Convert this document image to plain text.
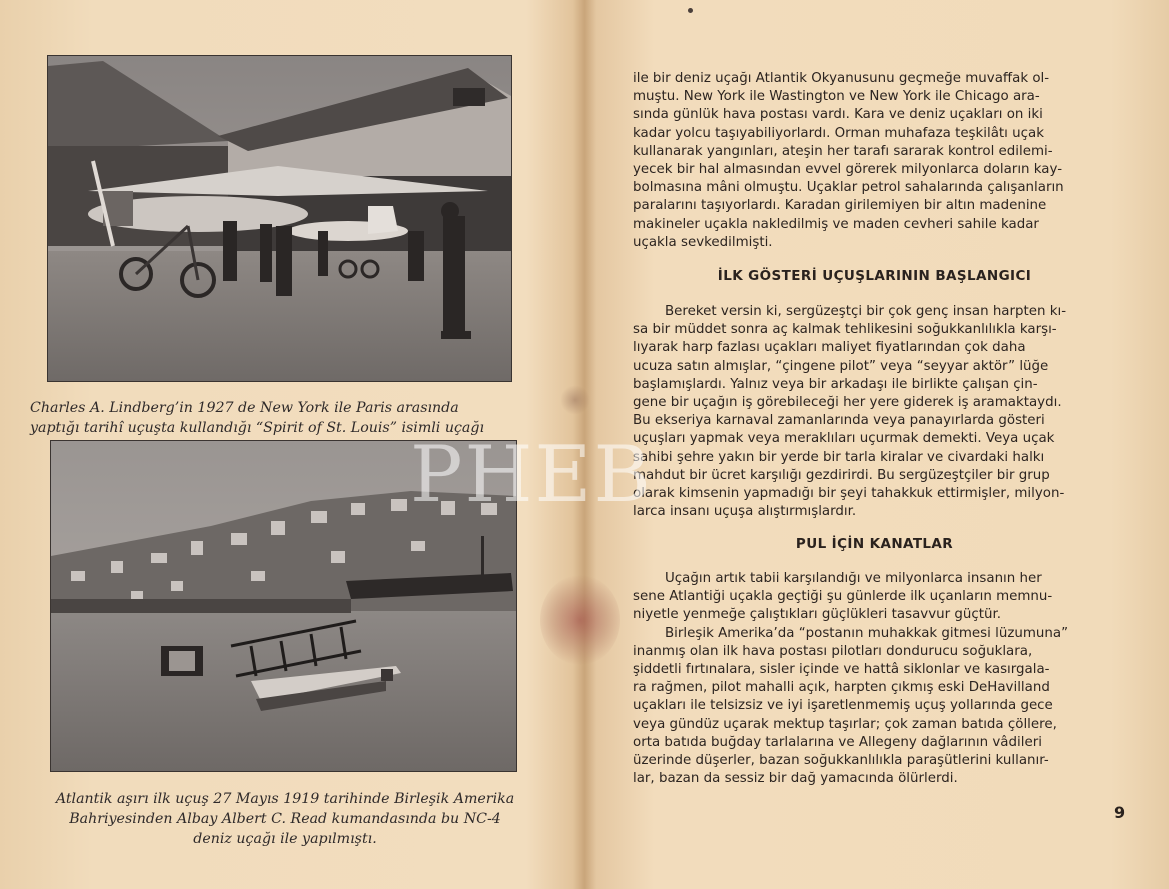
Charles A. Lindberg’in 1927 de New York ile Paris arasında
yaptığı tarihî uçuşta kullandığı “Spirit of St. Louis” isimli uçağı
Atlantik aşırı ilk uçuş 27 Mayıs 1919 tarihinde Birleşik Amerika
Bahriyesinden Albay Albert C. Read kumandasında bu NC-4
deniz uçağı ile yapılmıştı.
ile bir deniz uçağı Atlantik Okyanusunu geçmeğe muvaffak ol-
muştu. New York ile Wastington ve New York ile Chicago ara-
sında günlük hava postası vardı. Kara ve deniz uçakları on iki
kadar yolcu taşıyabiliyorlardı. Orman muhafaza teşkilâtı uçak
kullanarak yangınları, ateşin her tarafı sararak kontrol edilemi-
yecek bir hal almasından evvel görerek milyonlarca doların kay-
bolmasına mâni olmuştu. Uçaklar petrol sahalarında çalışanların
paralarını taşıyorlardı. Karadan girilemiyen bir altın madenine
makineler uçakla nakledilmiş ve maden cevheri sahile kadar
uçakla sevkedilmişti.
İLK GÖSTERİ UÇUŞLARININ BAŞLANGICI
Bereket versin ki, sergüzeştçi bir çok genç insan harpten kı-
sa bir müddet sonra aç kalmak tehlikesini soğukkanlılıkla karşı-
lıyarak harp fazlası uçakları maliyet fiyatlarından çok daha
ucuza satın almışlar, “çingene pilot” veya “seyyar aktör” lüğe
başlamışlardı. Yalnız veya bir arkadaşı ile birlikte çalışan çin-
gene bir uçağın iş görebileceği her yere giderek iş aramaktaydı.
Bu ekseriya karnaval zamanlarında veya panayırlarda gösteri
uçuşları yapmak veya meraklıları uçurmak demekti. Veya uçak
sahibi şehre yakın bir yerde bir tarla kiralar ve civardaki halkı
mahdut bir ücret karşılığı gezdirirdi. Bu sergüzeştçiler bir grup
olarak kimsenin yapmadığı bir şeyi tahakkuk ettirmişler, milyon-
larca insanı uçuşa alıştırmışlardır.
PUL İÇİN KANATLAR
Uçağın artık tabii karşılandığı ve milyonlarca insanın her
sene Atlantiği uçakla geçtiği şu günlerde ilk uçanların memnu-
niyetle yenmeğe çalıştıkları güçlükleri tasavvur güçtür.
Birleşik Amerika’da “postanın muhakkak gitmesi lüzumuna”
inanmış olan ilk hava postası pilotları dondurucu soğuklara,
şiddetli fırtınalara, sisler içinde ve hattâ siklonlar ve kasırgala-
ra rağmen, pilot mahalli açık, harpten çıkmış eski DeHavilland
uçakları ile telsizsiz ve iyi işaretlenmemiş uçuş yollarında gece
veya gündüz uçarak mektup taşırlar; çok zaman batıda çöllere,
orta batıda buğday tarlalarına ve Allegeny dağlarının vâdileri
üzerinde düşerler, bazan soğukkanlılıkla paraşütlerini kullanır-
lar, bazan da sessiz bir dağ yamacında ölürlerdi.
9
PHEB
